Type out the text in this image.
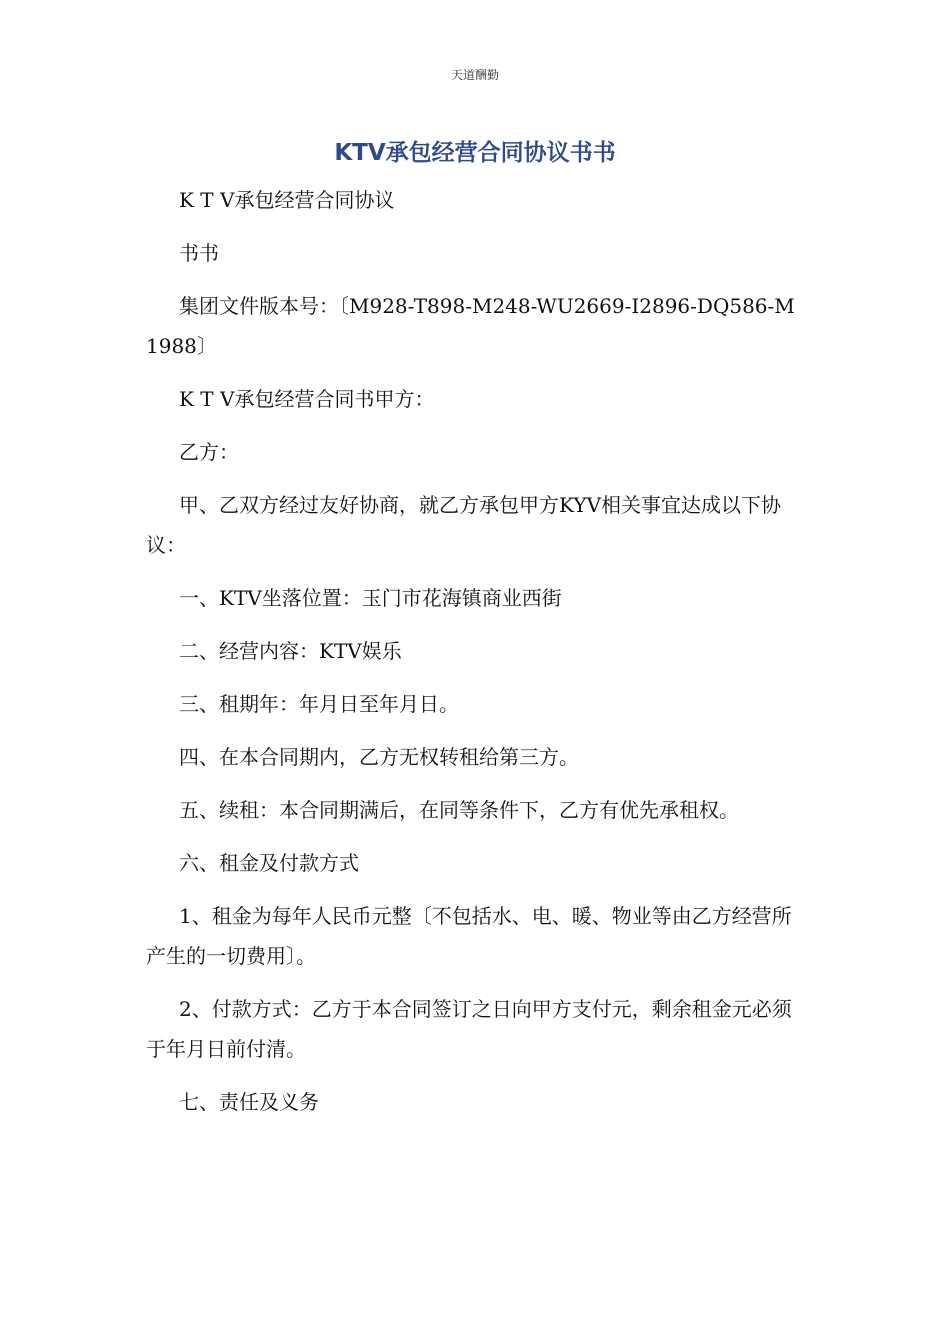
天道酬勤
KTV承包经营合同协议书书

K T V承包经营合同协议

书书

集团文件版本号：〔M928-T898-M248-WU2669-I2896-DQ586-M1988〕

K T V承包经营合同书甲方：

乙方：

甲、乙双方经过友好协商，就乙方承包甲方KYV相关事宜达成以下协议：

一、KTV坐落位置：玉门市花海镇商业西街

二、经营内容：KTV娱乐

三、租期年：年月日至年月日。

四、在本合同期内，乙方无权转租给第三方。

五、续租：本合同期满后，在同等条件下，乙方有优先承租权。

六、租金及付款方式

1、租金为每年人民币元整〔不包括水、电、暖、物业等由乙方经营所产生的一切费用〕。

2、付款方式：乙方于本合同签订之日向甲方支付元，剩余租金元必须于年月日前付清。

七、责任及义务
